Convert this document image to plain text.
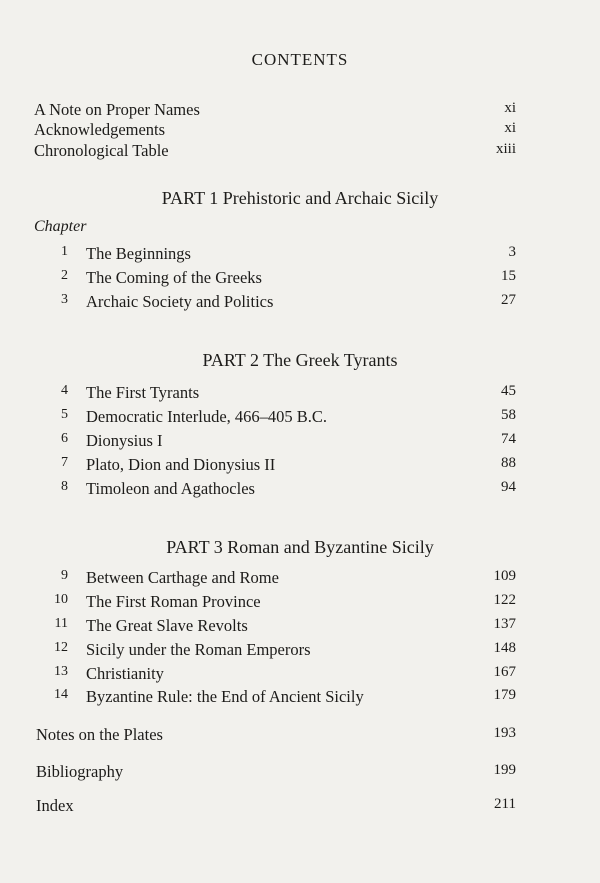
CONTENTS
A Note on Proper Names	xi
Acknowledgements	xi
Chronological Table	xiii
PART 1 Prehistoric and Archaic Sicily
Chapter
1 The Beginnings	3
2 The Coming of the Greeks	15
3 Archaic Society and Politics	27
PART 2 The Greek Tyrants
4 The First Tyrants	45
5 Democratic Interlude, 466–405 B.C.	58
6 Dionysius I	74
7 Plato, Dion and Dionysius II	88
8 Timoleon and Agathocles	94
PART 3 Roman and Byzantine Sicily
9 Between Carthage and Rome	109
10 The First Roman Province	122
11 The Great Slave Revolts	137
12 Sicily under the Roman Emperors	148
13 Christianity	167
14 Byzantine Rule: the End of Ancient Sicily	179
Notes on the Plates	193
Bibliography	199
Index	211
